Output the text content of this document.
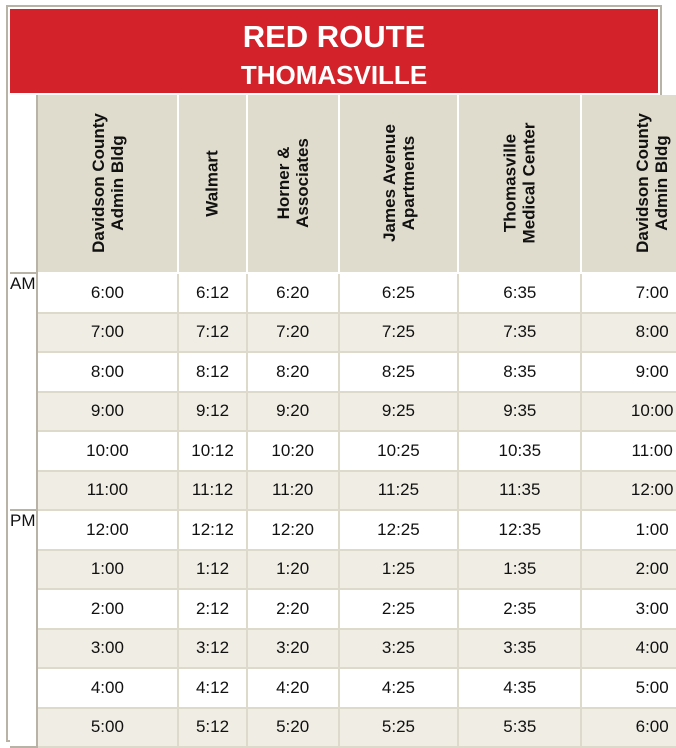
RED ROUTE
THOMASVILLE

	Davidson County Admin Bldg	Walmart	Horner & Associates	James Avenue Apartments	Thomasville Medical Center	Davidson County Admin Bldg

AM	6:00	6:12	6:20	6:25	6:35	7:00
	7:00	7:12	7:20	7:25	7:35	8:00
	8:00	8:12	8:20	8:25	8:35	9:00
	9:00	9:12	9:20	9:25	9:35	10:00
	10:00	10:12	10:20	10:25	10:35	11:00
	11:00	11:12	11:20	11:25	11:35	12:00
PM	12:00	12:12	12:20	12:25	12:35	1:00
	1:00	1:12	1:20	1:25	1:35	2:00
	2:00	2:12	2:20	2:25	2:35	3:00
	3:00	3:12	3:20	3:25	3:35	4:00
	4:00	4:12	4:20	4:25	4:35	5:00
	5:00	5:12	5:20	5:25	5:35	6:00
